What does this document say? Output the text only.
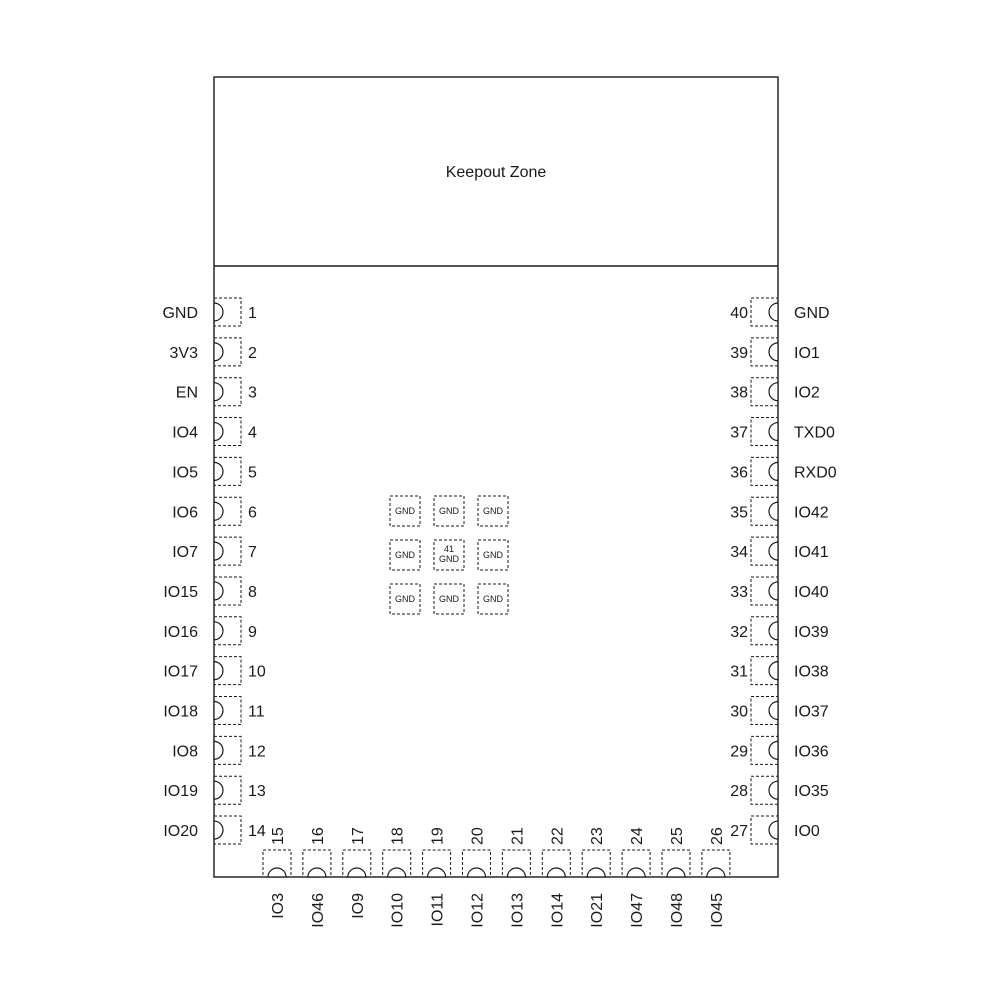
Keepout Zone
GND	1
3V3	2
EN	3
IO4	4
IO5	5
IO6	6
IO7	7
IO15	8
IO16	9
IO17	10
IO18	11
IO8	12
IO19	13
IO20	14
GND
40
IO1
39
IO2
38
TXD0
37
RXD0
36
IO42
35
IO41
34
IO40
33
IO39
32
IO38
31
IO37
30
IO36
29
IO35
28
IO0
27
15
IO3
16
IO46
17
IO9
18
IO10
19
IO11
20
IO12
21
IO13
22
IO14
23
IO21
24
IO47
25
IO48
26
IO45
GND	GND	GND
GND
41 GND	GND
GND	GND	GND
